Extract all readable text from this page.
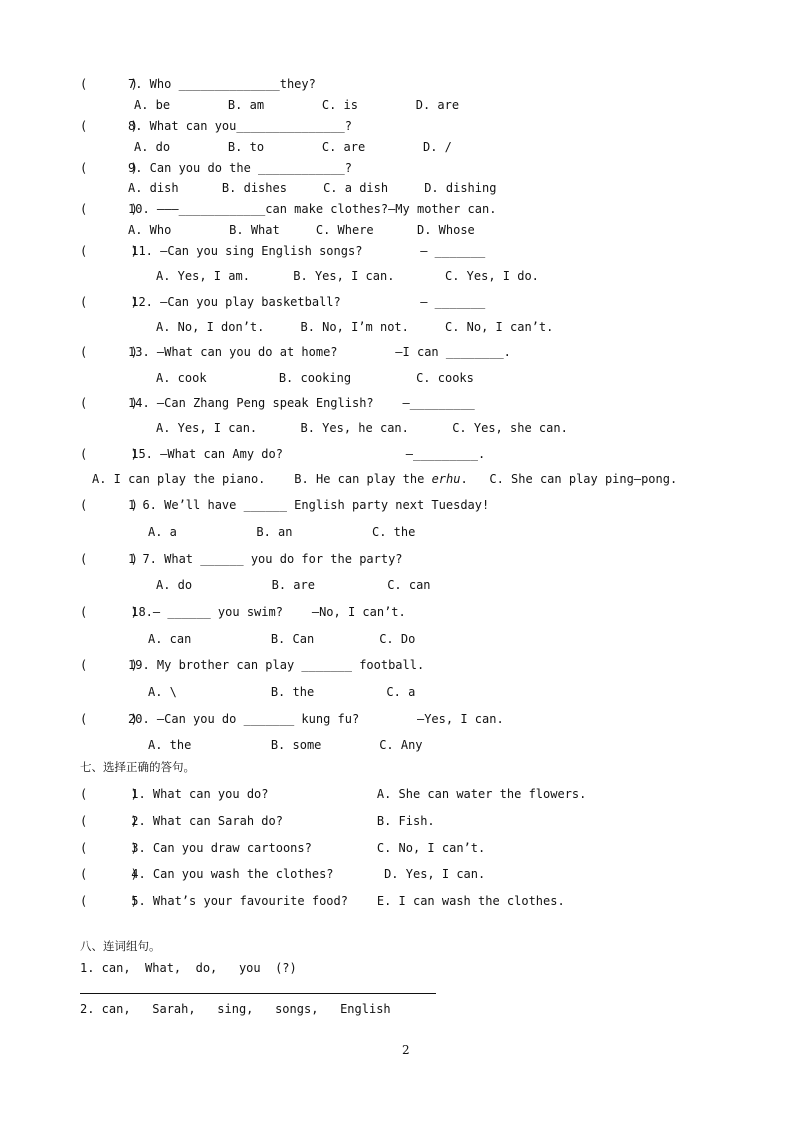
(      )
7. Who ______________they?
A. be        B. am        C. is        D. are
(      )
8. What can you_______________?
A. do        B. to        C. are        D. /
(      )
9. Can you do the ____________?
A. dish      B. dishes     C. a dish     D. dishing
(      )
10. ———____________can make clothes?—My mother can.
A. Who        B. What     C. Where      D. Whose
(      )
11. —Can you sing English songs?        — _______
A. Yes, I am.      B. Yes, I can.       C. Yes, I do.
(      )
12. —Can you play basketball?           — _______
A. No, I don’t.     B. No, I’m not.     C. No, I can’t.
(      )
13. —What can you do at home?        —I can ________.
A. cook          B. cooking         C. cooks
(      )
14. —Can Zhang Peng speak English?    —_________
A. Yes, I can.      B. Yes, he can.      C. Yes, she can.
(      )
15. —What can Amy do?                 —_________.
A. I can play the piano.    B. He can play the erhu.   C. She can play ping—pong.
(      )
1 6. We’ll have ______ English party next Tuesday!
A. a           B. an           C. the
(      )
1 7. What ______ you do for the party?
A. do           B. are          C. can
(      )
18.— ______ you swim?    —No, I can’t.
A. can           B. Can         C. Do
(      )
19. My brother can play _______ football.
A. \             B. the          C. a
(      )
20. —Can you do _______ kung fu?        —Yes, I can.
A. the           B. some        C. Any
七、选择正确的答句。
(      )
1. What can you do?               A. She can water the flowers.
(      )
2. What can Sarah do?             B. Fish.
(      )
3. Can you draw cartoons?         C. No, I can’t.
(      )
4. Can you wash the clothes?       D. Yes, I can.
(      )
5. What’s your favourite food?    E. I can wash the clothes.
八、连词组句。
1. can,  What,  do,   you  (?)
2. can,   Sarah,   sing,   songs,   English
2
